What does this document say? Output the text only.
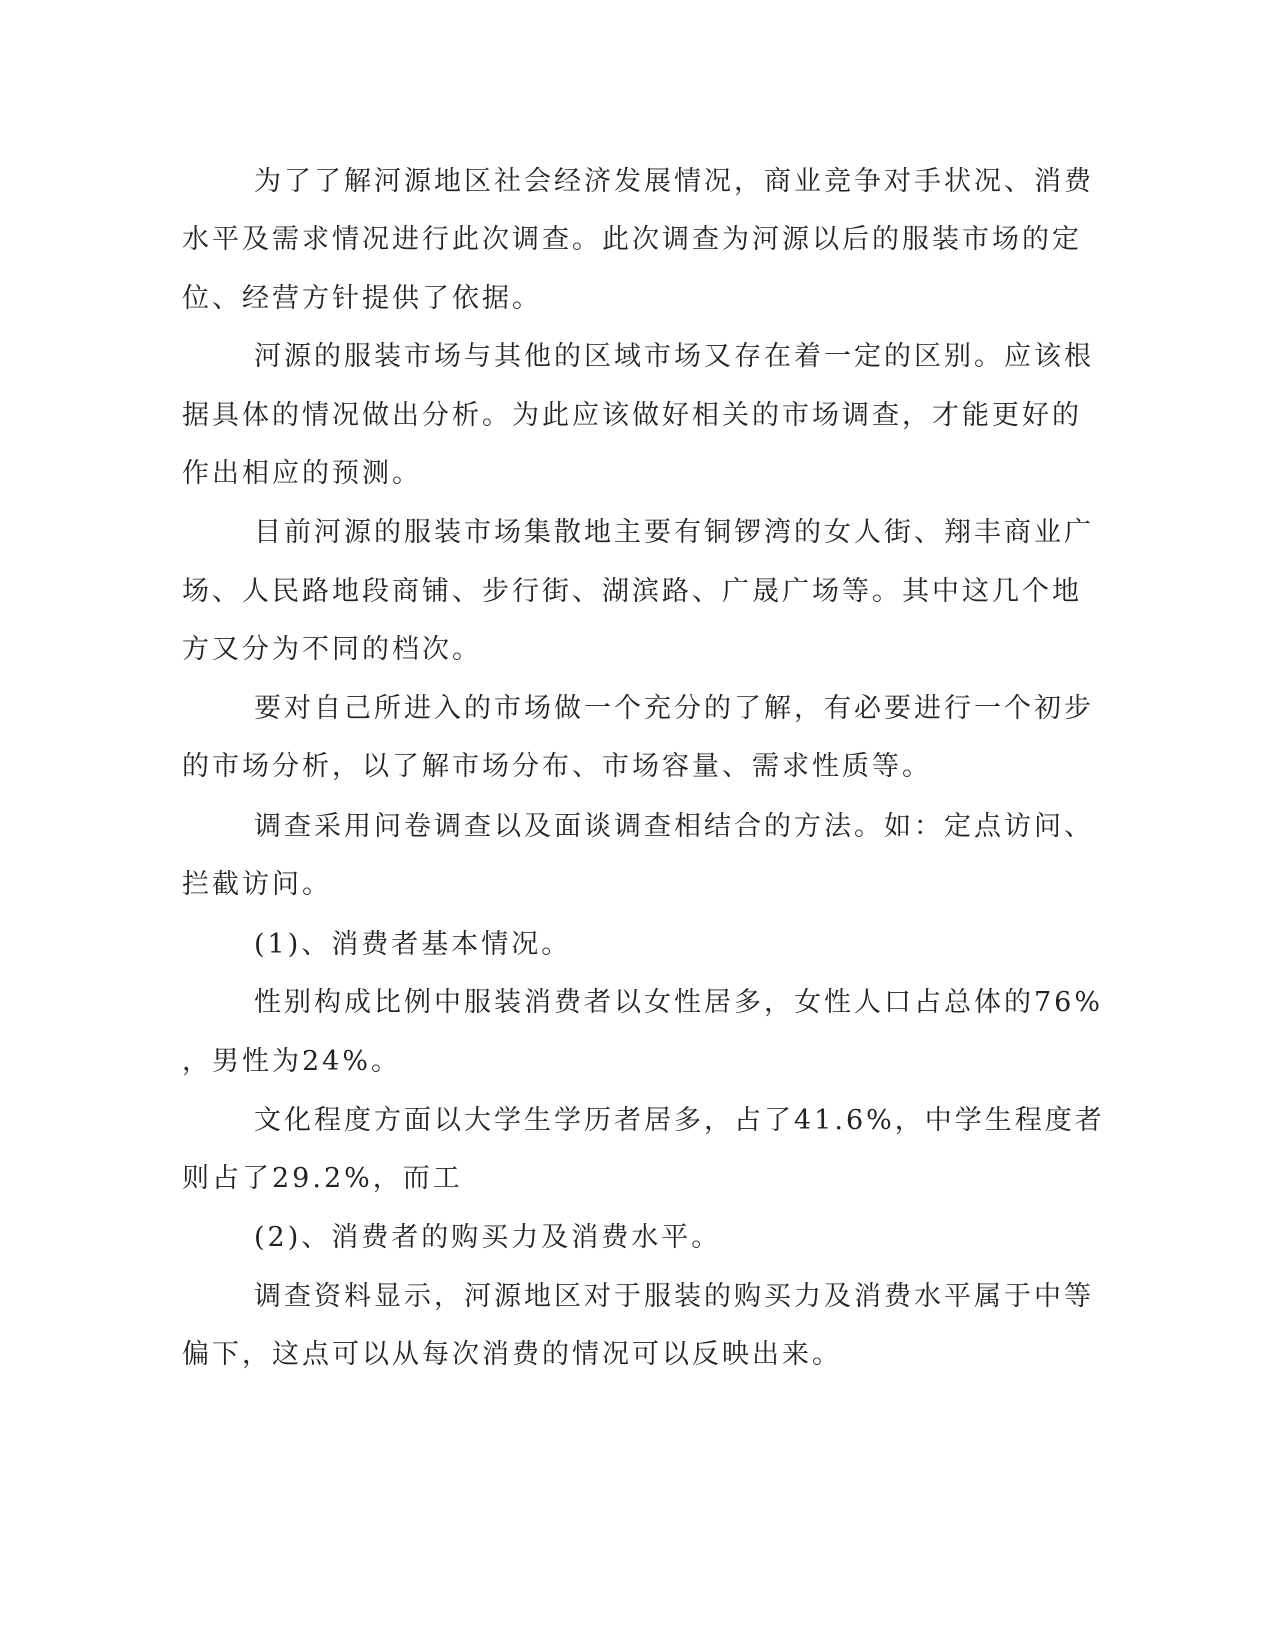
为了了解河源地区社会经济发展情况，商业竞争对手状况、消费
水平及需求情况进行此次调查。此次调查为河源以后的服装市场的定
位、经营方针提供了依据。
河源的服装市场与其他的区域市场又存在着一定的区别。应该根
据具体的情况做出分析。为此应该做好相关的市场调查，才能更好的
作出相应的预测。
目前河源的服装市场集散地主要有铜锣湾的女人街、翔丰商业广
场、人民路地段商铺、步行街、湖滨路、广晟广场等。其中这几个地
方又分为不同的档次。
要对自己所进入的市场做一个充分的了解，有必要进行一个初步
的市场分析，以了解市场分布、市场容量、需求性质等。
调查采用问卷调查以及面谈调查相结合的方法。如：定点访问、
拦截访问。
(1)、消费者基本情况。
性别构成比例中服装消费者以女性居多，女性人口占总体的76%
，男性为24%。
文化程度方面以大学生学历者居多，占了41.6%，中学生程度者
则占了29.2%，而工
(2)、消费者的购买力及消费水平。
调查资料显示，河源地区对于服装的购买力及消费水平属于中等
偏下，这点可以从每次消费的情况可以反映出来。
